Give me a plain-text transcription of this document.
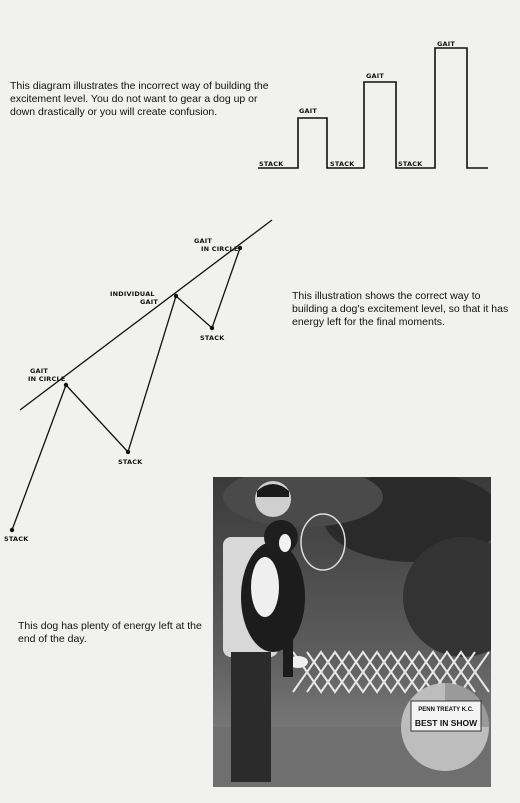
GAIT
GAIT
GAIT
STACK	STACK	STACK
GAIT
IN CIRCLE
INDIVIDUAL
GAIT
STACK
GAIT
IN CIRCLE
STACK
STACK
This diagram illustrates the incorrect way of building the excitement level. You do not want to gear a dog up or down drastically or you will create confusion.
This illustration shows the correct way to building a dog's excitement level, so that it has energy left for the final moments.
This dog has plenty of energy left at the end of the day.
PENN TREATY K.C.
BEST IN SHOW
